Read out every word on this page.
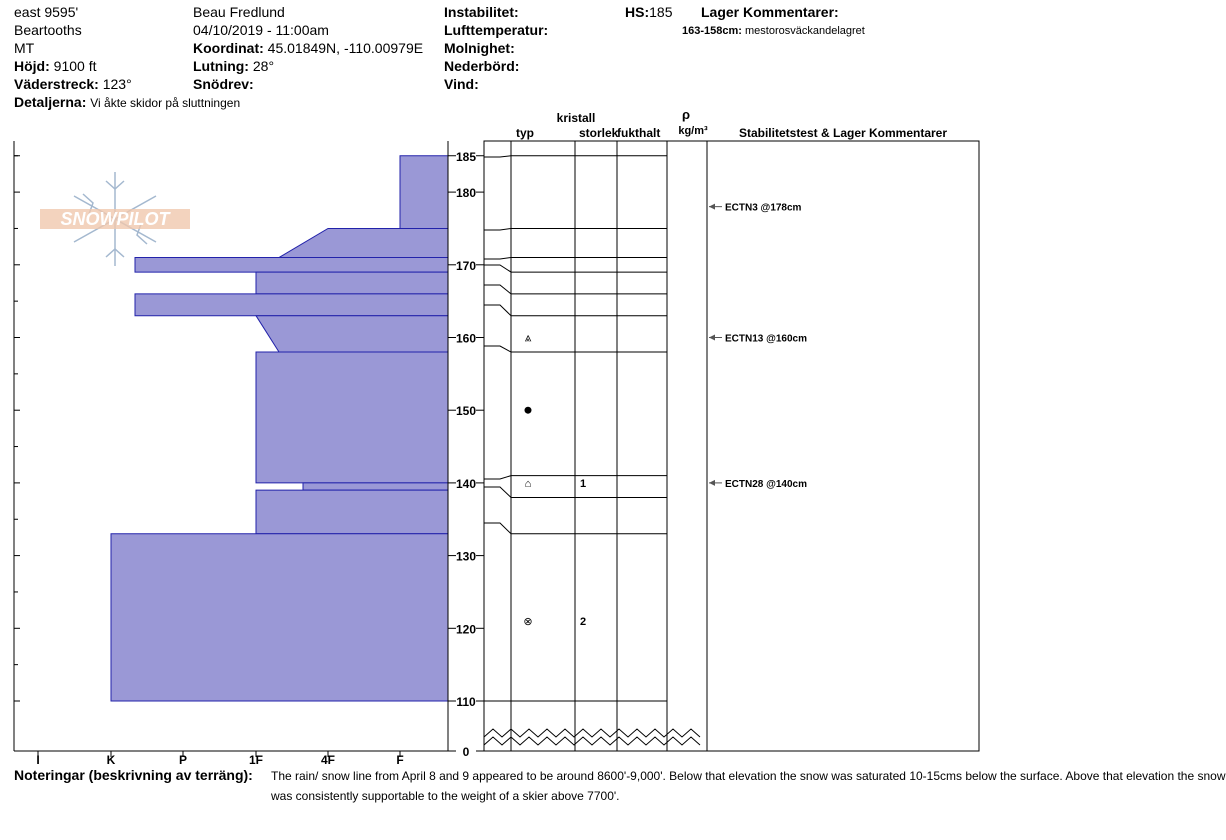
east 9595'
Beartooths
MT
Höjd: 9100 ft
Väderstreck: 123°
Detaljerna: Vi åkte skidor på sluttningen
Beau Fredlund
04/10/2019 - 11:00am
Koordinat: 45.01849N, -110.00979E
Lutning: 28°
Snödrev:
Instabilitet:
Lufttemperatur:
Molnighet:
Nederbörd:
Vind:
HS:185 Lager Kommentarer:
163-158cm: mestorosväckandelagret
kristall
typ	storlek
fukthalt
ρ
kg/m³	Stabilitetstest & Lager Kommentarer
SNOWPILOT
185
180
170
160
150
140
130
120
110
0
I	K	P	1F	4F	F
⩓
⌂	1
⊗	2
ECTN3 @178cm
ECTN13 @160cm
ECTN28 @140cm
Noteringar (beskrivning av terräng): The rain/ snow line from April 8 and 9 appeared to be around 8600'-9,000'. Below that elevation the snow was saturated 10-15cms below the surface. Above that elevation the snow
was consistently supportable to the weight of a skier above 7700'.
